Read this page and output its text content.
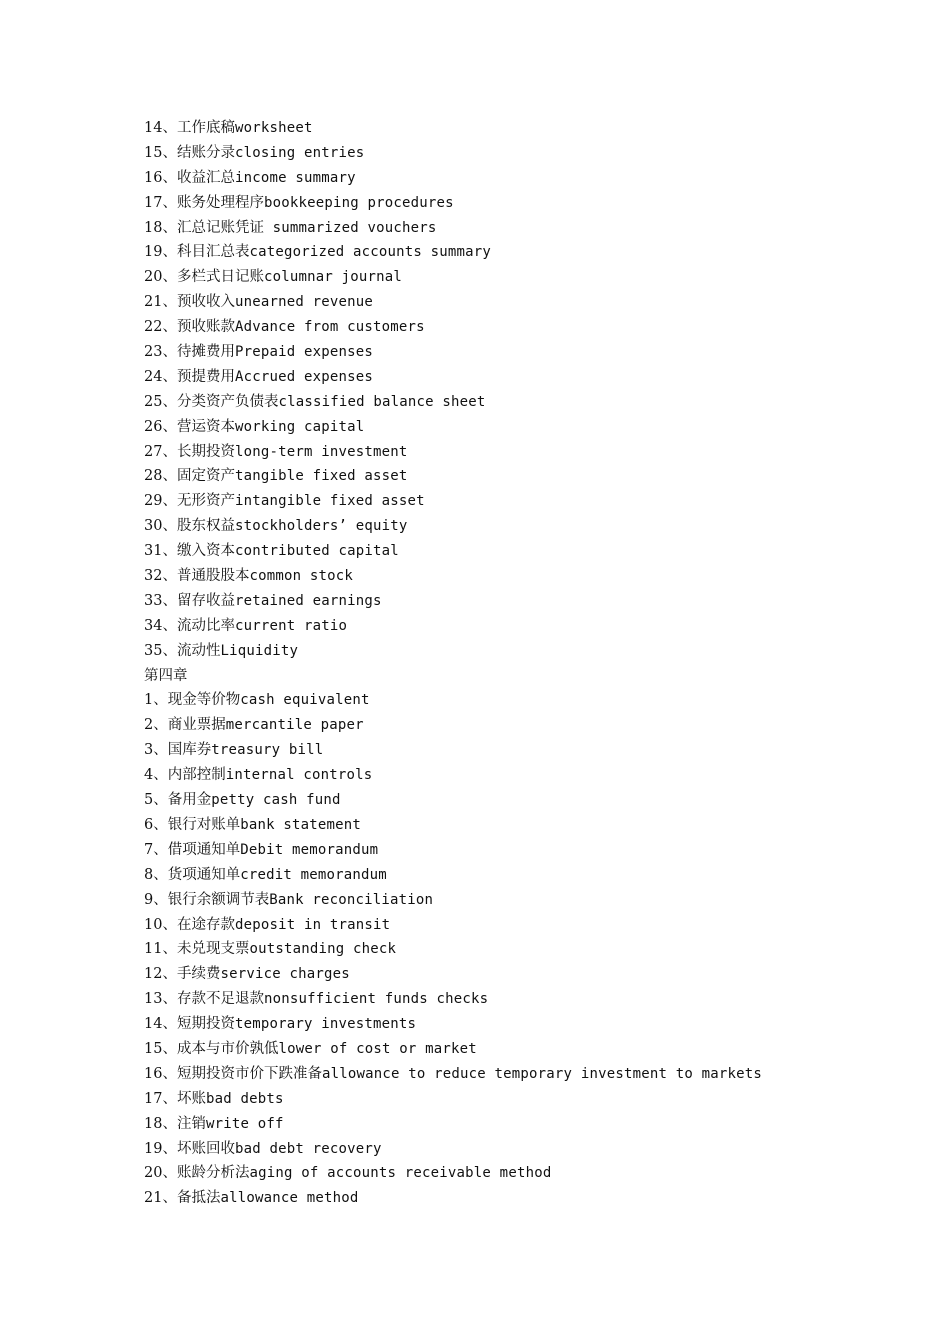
14、工作底稿worksheet
15、结账分录closing entries
16、收益汇总income summary
17、账务处理程序bookkeeping procedures
18、汇总记账凭证 summarized vouchers
19、科目汇总表categorized accounts summary
20、多栏式日记账columnar journal
21、预收收入unearned revenue
22、预收账款Advance from customers
23、待摊费用Prepaid expenses
24、预提费用Accrued expenses
25、分类资产负债表classified balance sheet
26、营运资本working capital
27、长期投资long-term investment
28、固定资产tangible fixed asset
29、无形资产intangible fixed asset
30、股东权益stockholders’ equity
31、缴入资本contributed capital
32、普通股股本common stock
33、留存收益retained earnings
34、流动比率current ratio
35、流动性Liquidity
第四章
1、现金等价物cash equivalent
2、商业票据mercantile paper
3、国库券treasury bill
4、内部控制internal controls
5、备用金petty cash fund
6、银行对账单bank statement
7、借项通知单Debit memorandum
8、货项通知单credit memorandum
9、银行余额调节表Bank reconciliation
10、在途存款deposit in transit
11、未兑现支票outstanding check
12、手续费service charges
13、存款不足退款nonsufficient funds checks
14、短期投资temporary investments
15、成本与市价孰低lower of cost or market
16、短期投资市价下跌准备allowance to reduce temporary investment to markets
17、坏账bad debts
18、注销write off
19、坏账回收bad debt recovery
20、账龄分析法aging of accounts receivable method
21、备抵法allowance method
